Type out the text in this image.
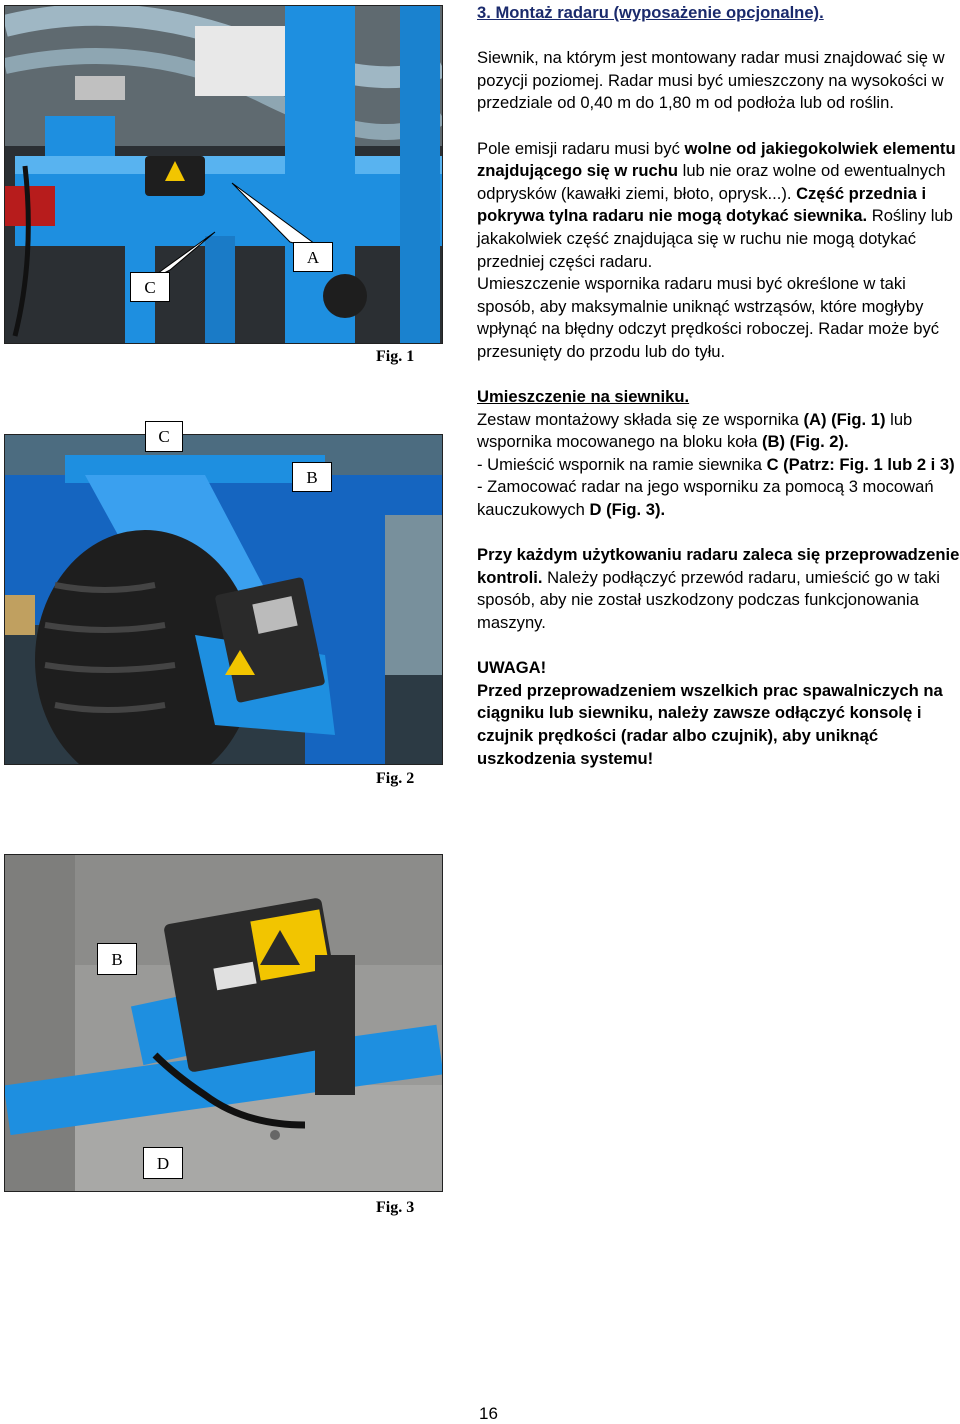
C
A
Fig. 1
C
B
Fig. 2
B
D
Fig. 3

3. Montaż radaru (wyposażenie opcjonalne).

Siewnik, na którym jest montowany radar musi znajdować się w pozycji poziomej. Radar musi być umieszczony na wysokości w przedziale od 0,40 m do 1,80 m od podłoża lub od roślin.

Pole emisji radaru musi być wolne od jakiegokolwiek elementu znajdującego się w ruchu lub nie oraz wolne od ewentualnych odprysków (kawałki ziemi, błoto, oprysk...). Część przednia i pokrywa tylna radaru nie mogą dotykać siewnika. Rośliny lub jakakolwiek część znajdująca się w ruchu nie mogą dotykać przedniej części radaru.

Umieszczenie wspornika radaru musi być określone w taki sposób, aby maksymalnie uniknąć wstrząsów, które mogłyby wpłynąć na błędny odczyt prędkości roboczej. Radar może być przesunięty do przodu lub do tyłu.

Umieszczenie na siewniku.

Zestaw montażowy składa się ze wspornika (A) (Fig. 1) lub wspornika mocowanego na bloku koła (B) (Fig. 2).

- Umieścić wspornik na ramie siewnika C (Patrz: Fig. 1 lub 2 i 3)

- Zamocować radar na jego wsporniku za pomocą 3 mocowań kauczukowych D (Fig. 3).

Przy każdym użytkowaniu radaru zaleca się przeprowadzenie kontroli. Należy podłączyć przewód radaru, umieścić go w taki sposób, aby nie został uszkodzony podczas funkcjonowania maszyny.

UWAGA!

Przed przeprowadzeniem wszelkich prac spawalniczych na ciągniku lub siewniku, należy zawsze odłączyć konsolę i czujnik prędkości (radar albo czujnik), aby uniknąć uszkodzenia systemu!

16
